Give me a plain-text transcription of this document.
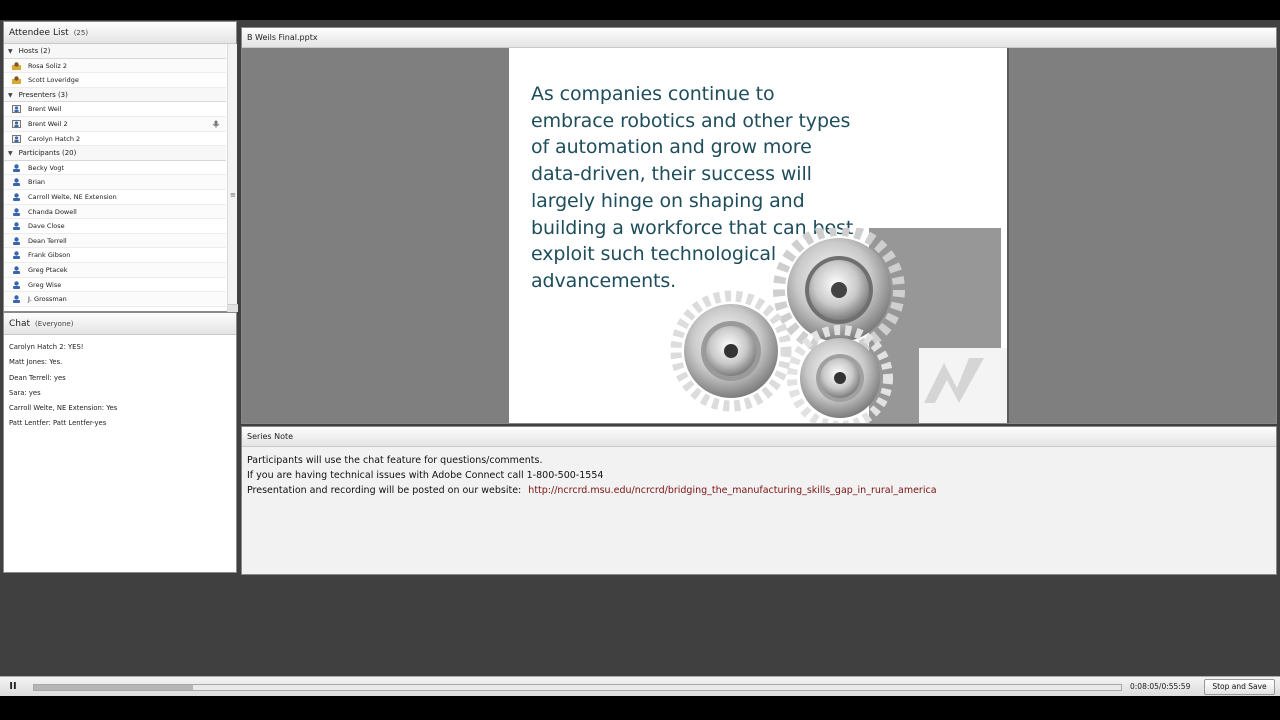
Attendee List (25)
▼ Hosts (2)
Rosa Soliz 2
Scott Loveridge
▼ Presenters (3)
Brent Weil
Brent Weil 2
Carolyn Hatch 2
▼ Participants (20)
Becky Vogt
Brian
Carroll Welte, NE Extension
Chanda Dowell
Dave Close
Dean Terrell
Frank Gibson
Greg Ptacek
Greg Wise
J. Grossman
≡
Chat (Everyone)
Carolyn Hatch 2: YES!
Matt Jones: Yes.
Dean Terrell: yes
Sara: yes
Carroll Welte, NE Extension: Yes
Patt Lentfer: Patt Lentfer-yes
B Weils Final.pptx
As companies continue to
embrace robotics and other types
of automation and grow more
data-driven, their success will
largely hinge on shaping and
building a workforce that can best
exploit such technological
advancements.
Series Note
Participants will use the chat feature for questions/comments.
If you are having technical issues with Adobe Connect call 1-800-500-1554
Presentation and recording will be posted on our website: http://ncrcrd.msu.edu/ncrcrd/bridging_the_manufacturing_skills_gap_in_rural_america
II	0:08:05/0:55:59	Stop and Save
